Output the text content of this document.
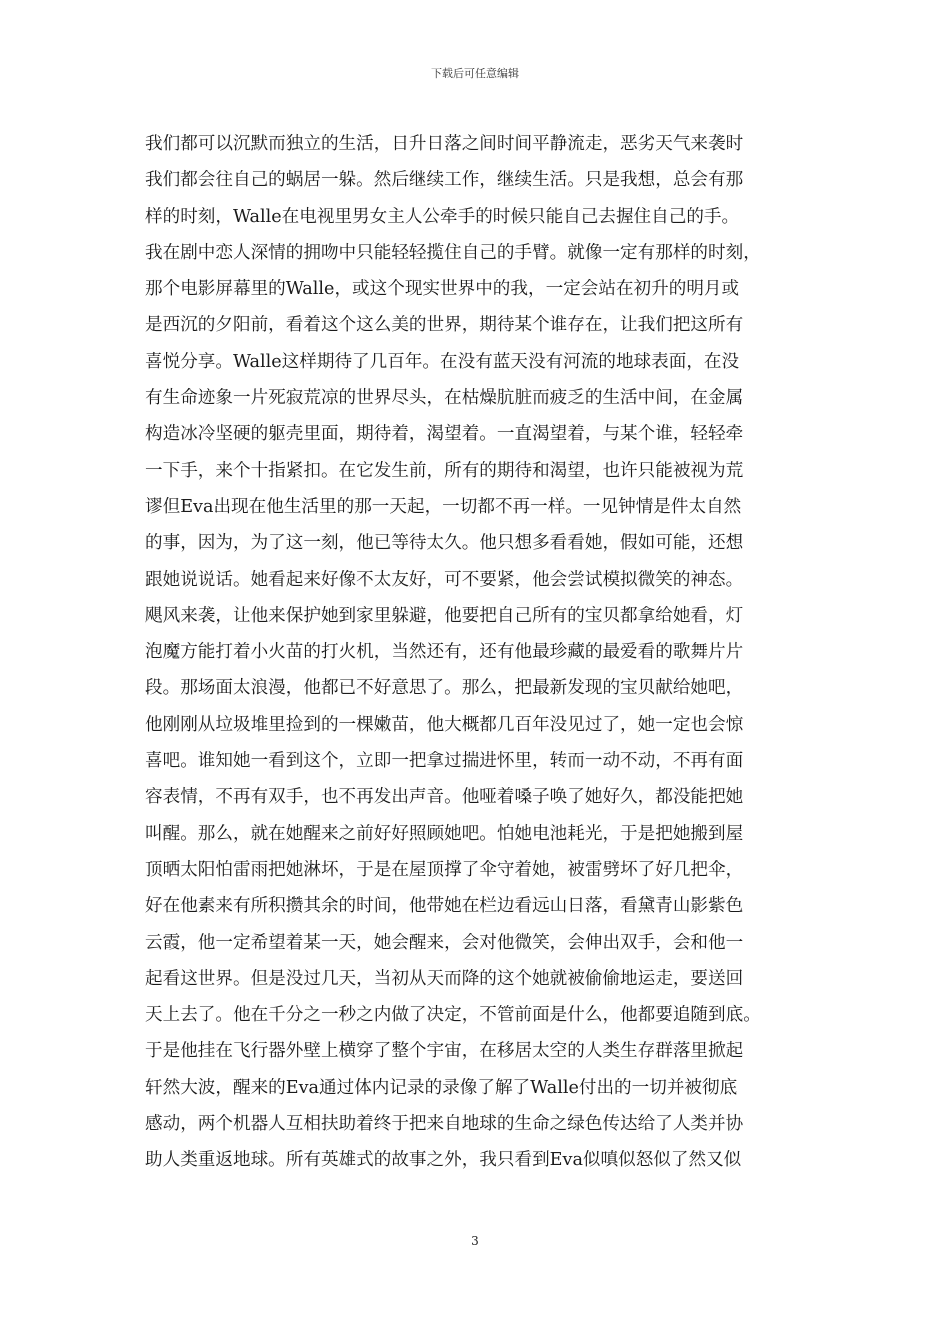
下载后可任意编辑
我们都可以沉默而独立的生活，日升日落之间时间平静流走，恶劣天气来袭时
我们都会往自己的蜗居一躲。然后继续工作，继续生活。只是我想，总会有那
样的时刻，Walle在电视里男女主人公牵手的时候只能自己去握住自己的手。
我在剧中恋人深情的拥吻中只能轻轻揽住自己的手臂。就像一定有那样的时刻，
那个电影屏幕里的Walle，或这个现实世界中的我，一定会站在初升的明月或
是西沉的夕阳前，看着这个这么美的世界，期待某个谁存在，让我们把这所有
喜悦分享。Walle这样期待了几百年。在没有蓝天没有河流的地球表面，在没
有生命迹象一片死寂荒凉的世界尽头，在枯燥肮脏而疲乏的生活中间，在金属
构造冰冷坚硬的躯壳里面，期待着，渴望着。一直渴望着，与某个谁，轻轻牵
一下手，来个十指紧扣。在它发生前，所有的期待和渴望，也许只能被视为荒
谬但Eva出现在他生活里的那一天起，一切都不再一样。一见钟情是件太自然
的事，因为，为了这一刻，他已等待太久。他只想多看看她，假如可能，还想
跟她说说话。她看起来好像不太友好，可不要紧，他会尝试模拟微笑的神态。
飓风来袭，让他来保护她到家里躲避，他要把自己所有的宝贝都拿给她看，灯
泡魔方能打着小火苗的打火机，当然还有，还有他最珍藏的最爱看的歌舞片片
段。那场面太浪漫，他都已不好意思了。那么，把最新发现的宝贝献给她吧，
他刚刚从垃圾堆里捡到的一棵嫩苗，他大概都几百年没见过了，她一定也会惊
喜吧。谁知她一看到这个，立即一把拿过揣进怀里，转而一动不动，不再有面
容表情，不再有双手，也不再发出声音。他哑着嗓子唤了她好久，都没能把她
叫醒。那么，就在她醒来之前好好照顾她吧。怕她电池耗光，于是把她搬到屋
顶晒太阳怕雷雨把她淋坏，于是在屋顶撑了伞守着她，被雷劈坏了好几把伞，
好在他素来有所积攒其余的时间，他带她在栏边看远山日落，看黛青山影紫色
云霞，他一定希望着某一天，她会醒来，会对他微笑，会伸出双手，会和他一
起看这世界。但是没过几天，当初从天而降的这个她就被偷偷地运走，要送回
天上去了。他在千分之一秒之内做了决定，不管前面是什么，他都要追随到底。
于是他挂在飞行器外壁上横穿了整个宇宙，在移居太空的人类生存群落里掀起
轩然大波，醒来的Eva通过体内记录的录像了解了Walle付出的一切并被彻底
感动，两个机器人互相扶助着终于把来自地球的生命之绿色传达给了人类并协
助人类重返地球。所有英雄式的故事之外，我只看到Eva似嗔似怒似了然又似
3
